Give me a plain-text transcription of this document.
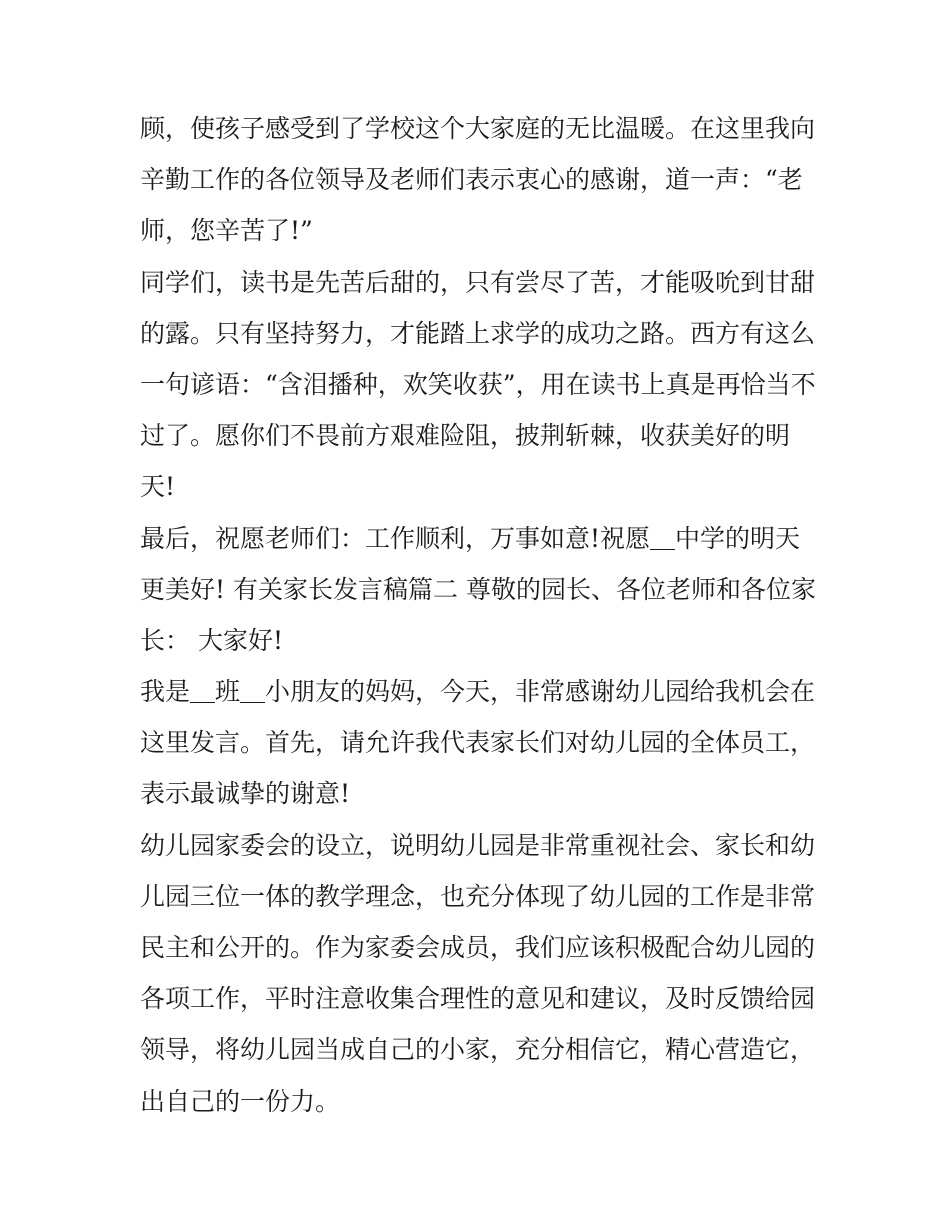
顾，使孩子感受到了学校这个大家庭的无比温暖。在这里我向
辛勤工作的各位领导及老师们表示衷心的感谢，道一声：“老
师，您辛苦了!”
同学们，读书是先苦后甜的，只有尝尽了苦，才能吸吮到甘甜
的露。只有坚持努力，才能踏上求学的成功之路。西方有这么
一句谚语：“含泪播种，欢笑收获”，用在读书上真是再恰当不
过了。愿你们不畏前方艰难险阻，披荆斩棘，收获美好的明
天!
最后，祝愿老师们：工作顺利，万事如意!祝愿＿中学的明天
更美好! 有关家长发言稿篇二 尊敬的园长、各位老师和各位家
长： 大家好!
我是＿班＿小朋友的妈妈，今天，非常感谢幼儿园给我机会在
这里发言。首先，请允许我代表家长们对幼儿园的全体员工，
表示最诚挚的谢意!
幼儿园家委会的设立，说明幼儿园是非常重视社会、家长和幼
儿园三位一体的教学理念，也充分体现了幼儿园的工作是非常
民主和公开的。作为家委会成员，我们应该积极配合幼儿园的
各项工作，平时注意收集合理性的意见和建议，及时反馈给园
领导，将幼儿园当成自己的小家，充分相信它，精心营造它，
出自己的一份力。
